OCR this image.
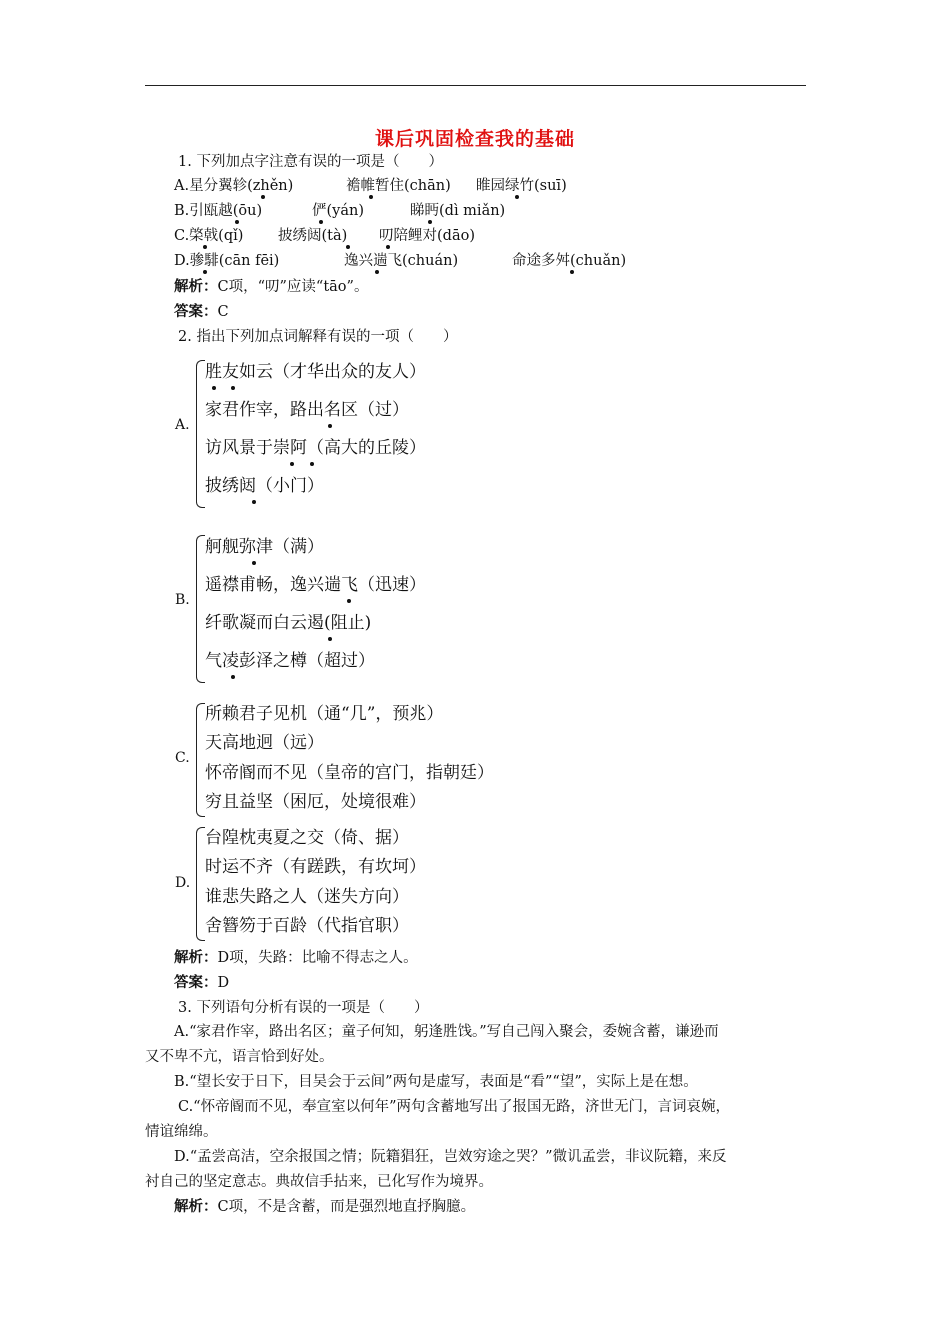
课后巩固检查我的基础
1. 下列加点字注意有误的一项是（　　）
A.星分翼轸(zhěn)	襜帷暂住(chān) 睢园绿竹(suī)
B.引瓯越(ōu)	俨(yán)	睇眄(dì miǎn)
C.棨戟(qǐ) 披绣闼(tà) 叨陪鲤对(dāo)
D.骖騑(cān fēi)	逸兴遄飞(chuán)	命途多舛(chuǎn)
解析：C项，“叨”应读“tāo”。
答案：C
2. 指出下列加点词解释有误的一项（　　）
A.
胜友如云（才华出众的友人）
家君作宰，路出名区（过）
访风景于崇阿（高大的丘陵）
披绣闼（小门）
B.
舸舰弥津（满）
遥襟甫畅，逸兴遄飞（迅速）
纤歌凝而白云遏(阻止)
气凌彭泽之樽（超过）
C.
所赖君子见机（通“几”，预兆）
天高地迥（远）
怀帝阍而不见（皇帝的宫门，指朝廷）
穷且益坚（困厄，处境很难）
D.
台隍枕夷夏之交（倚、据）
时运不齐（有蹉跌，有坎坷）
谁悲失路之人（迷失方向）
舍簪笏于百龄（代指官职）
解析：D项，失路：比喻不得志之人。
答案：D
3. 下列语句分析有误的一项是（　　）
A.“家君作宰，路出名区；童子何知，躬逢胜饯。”写自己闯入聚会，委婉含蓄，谦逊而
又不卑不亢，语言恰到好处。
B.“望长安于日下，目吴会于云间”两句是虚写，表面是“看”“望”，实际上是在想。
C.“怀帝阍而不见，奉宣室以何年”两句含蓄地写出了报国无路，济世无门，言词哀婉，
情谊绵绵。
D.“孟尝高洁，空余报国之情；阮籍猖狂，岂效穷途之哭？”微讥孟尝，非议阮籍，来反
衬自己的坚定意志。典故信手拈来，已化写作为境界。
解析：C项，不是含蓄，而是强烈地直抒胸臆。
